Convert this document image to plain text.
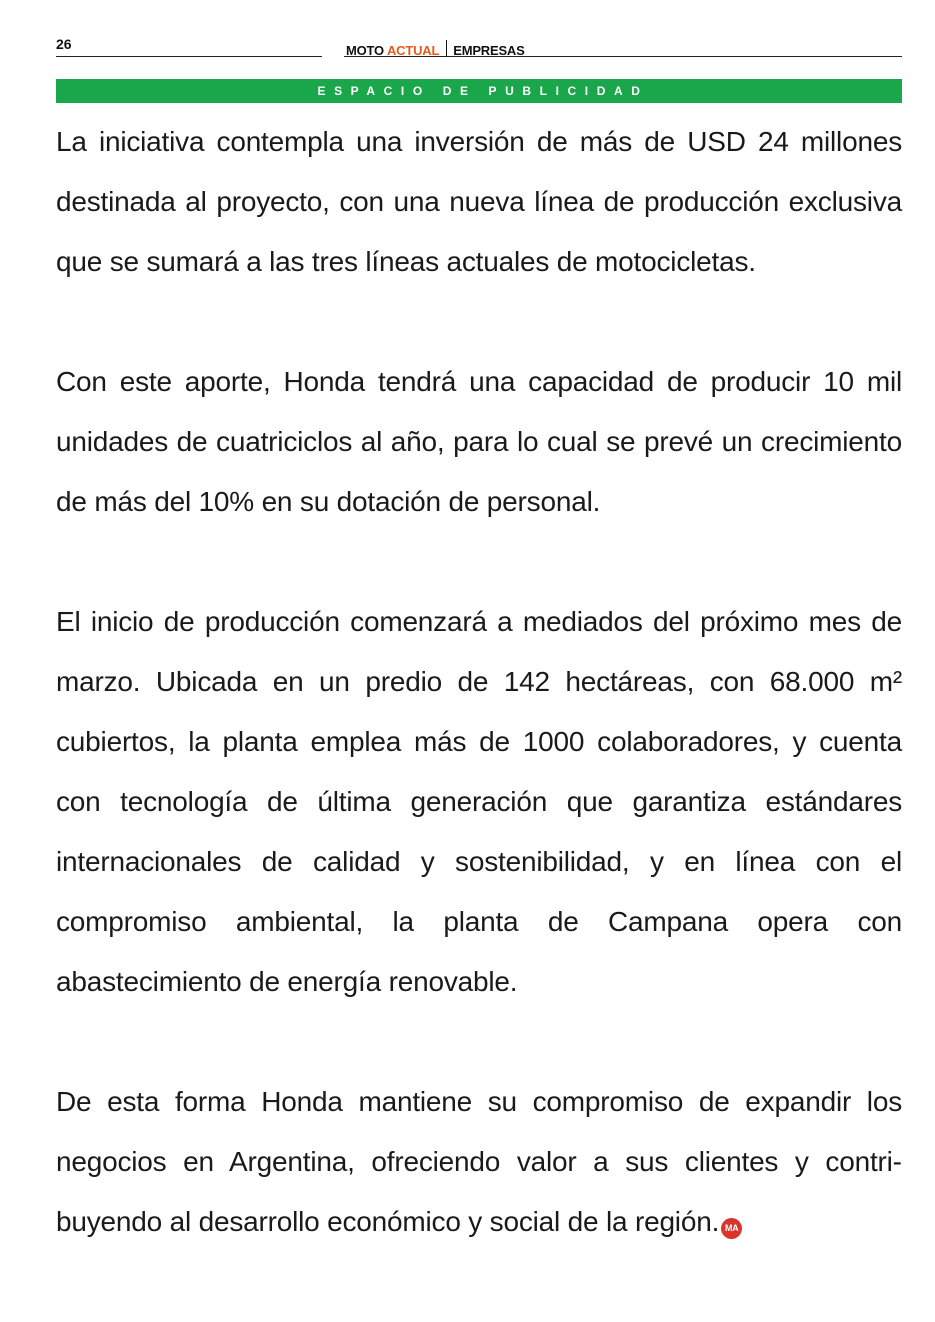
26	MOTO ACTUAL EMPRESAS
ESPACIO DE PUBLICIDAD

La iniciativa contempla una inversión de más de USD 24 millones destinada al proyecto, con una nueva línea de producción exclusiva que se sumará a las tres líneas actuales de motocicletas.

Con este aporte, Honda tendrá una capacidad de producir 10 mil unidades de cuatriciclos al año, para lo cual se prevé un crecimiento de más del 10% en su dotación de personal.

El inicio de producción comenzará a mediados del próximo mes de marzo. Ubicada en un predio de 142 hectáreas, con 68.000 m² cubiertos, la planta emplea más de 1000 colaboradores, y cuenta con tecnología de última generación que garantiza estándares internacionales de calidad y sostenibilidad, y en línea con el compromiso ambiental, la planta de Campana opera con abastecimiento de energía renovable.

De esta forma Honda mantiene su compromiso de expandir los negocios en Argentina, ofreciendo valor a sus clientes y contribuyendo al desarrollo económico y social de la región. MA
